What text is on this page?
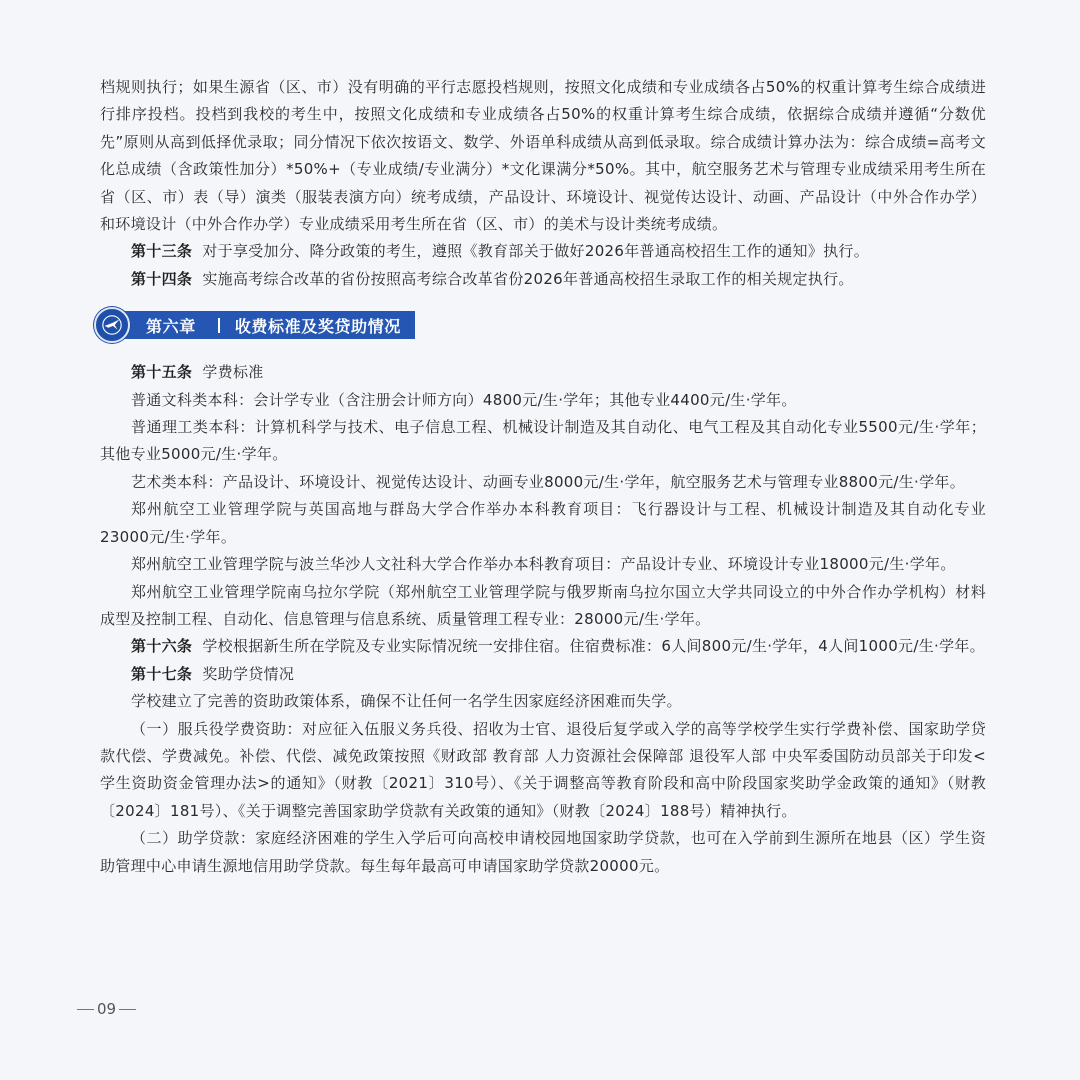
档规则执行；如果生源省（区、市）没有明确的平行志愿投档规则，按照文化成绩和专业成绩各占50%的权重计算考生综合成绩进行排序投档。投档到我校的考生中，按照文化成绩和专业成绩各占50%的权重计算考生综合成绩，依据综合成绩并遵循“分数优先”原则从高到低择优录取；同分情况下依次按语文、数学、外语单科成绩从高到低录取。综合成绩计算办法为：综合成绩=高考文化总成绩（含政策性加分）*50%+（专业成绩/专业满分）*文化课满分*50%。其中，航空服务艺术与管理专业成绩采用考生所在省（区、市）表（导）演类（服装表演方向）统考成绩，产品设计、环境设计、视觉传达设计、动画、产品设计（中外合作办学）和环境设计（中外合作办学）专业成绩采用考生所在省（区、市）的美术与设计类统考成绩。

第十三条 对于享受加分、降分政策的考生，遵照《教育部关于做好2026年普通高校招生工作的通知》执行。

第十四条 实施高考综合改革的省份按照高考综合改革省份2026年普通高校招生录取工作的相关规定执行。

第六章 收费标准及奖贷助情况

第十五条 学费标准

普通文科类本科：会计学专业（含注册会计师方向）4800元/生·学年；其他专业4400元/生·学年。

普通理工类本科：计算机科学与技术、电子信息工程、机械设计制造及其自动化、电气工程及其自动化专业5500元/生·学年；其他专业5000元/生·学年。

艺术类本科：产品设计、环境设计、视觉传达设计、动画专业8000元/生·学年，航空服务艺术与管理专业8800元/生·学年。

郑州航空工业管理学院与英国高地与群岛大学合作举办本科教育项目：飞行器设计与工程、机械设计制造及其自动化专业23000元/生·学年。

郑州航空工业管理学院与波兰华沙人文社科大学合作举办本科教育项目：产品设计专业、环境设计专业18000元/生·学年。

郑州航空工业管理学院南乌拉尔学院（郑州航空工业管理学院与俄罗斯南乌拉尔国立大学共同设立的中外合作办学机构）材料成型及控制工程、自动化、信息管理与信息系统、质量管理工程专业：28000元/生·学年。

第十六条 学校根据新生所在学院及专业实际情况统一安排住宿。住宿费标准：6人间800元/生·学年，4人间1000元/生·学年。

第十七条 奖助学贷情况

学校建立了完善的资助政策体系，确保不让任何一名学生因家庭经济困难而失学。

（一）服兵役学费资助：对应征入伍服义务兵役、招收为士官、退役后复学或入学的高等学校学生实行学费补偿、国家助学贷款代偿、学费减免。补偿、代偿、减免政策按照《财政部 教育部 人力资源社会保障部 退役军人部 中央军委国防动员部关于印发<学生资助资金管理办法>的通知》（财教〔2021〕310号）、《关于调整高等教育阶段和高中阶段国家奖助学金政策的通知》（财教〔2024〕181号）、《关于调整完善国家助学贷款有关政策的通知》（财教〔2024〕188号）精神执行。

（二）助学贷款：家庭经济困难的学生入学后可向高校申请校园地国家助学贷款，也可在入学前到生源所在地县（区）学生资助管理中心申请生源地信用助学贷款。每生每年最高可申请国家助学贷款20000元。

09
